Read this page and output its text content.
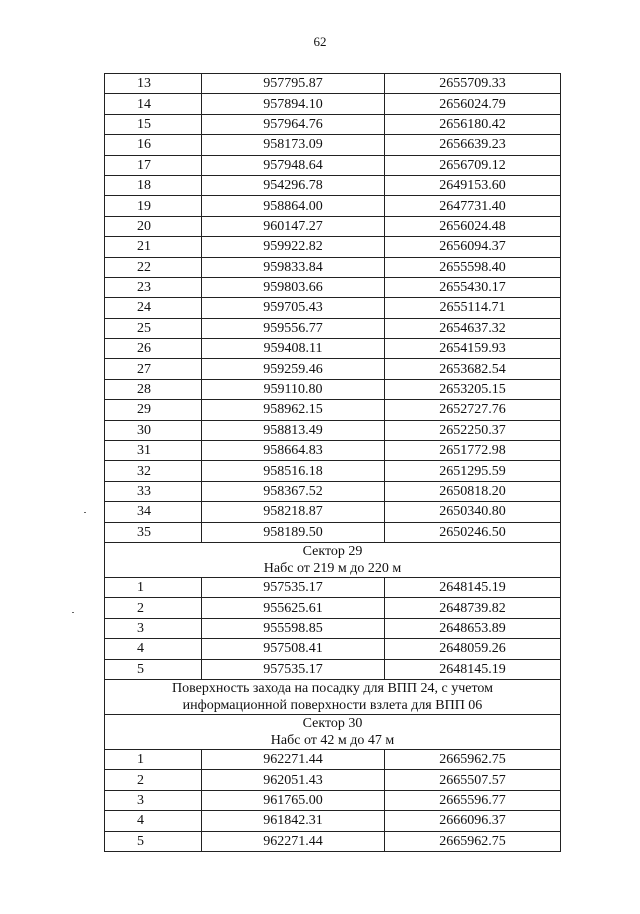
62
13	957795.87	2655709.33
14	957894.10	2656024.79
15	957964.76	2656180.42
16	958173.09	2656639.23
17	957948.64	2656709.12
18	954296.78	2649153.60
19	958864.00	2647731.40
20	960147.27	2656024.48
21	959922.82	2656094.37
22	959833.84	2655598.40
23	959803.66	2655430.17
24	959705.43	2655114.71
25	959556.77	2654637.32
26	959408.11	2654159.93
27	959259.46	2653682.54
28	959110.80	2653205.15
29	958962.15	2652727.76
30	958813.49	2652250.37
31	958664.83	2651772.98
32	958516.18	2651295.59
33	958367.52	2650818.20
34	958218.87	2650340.80
35	958189.50	2650246.50

Сектор 29
Набс от 219 м до 220 м		

1	957535.17	2648145.19
2	955625.61	2648739.82
3	955598.85	2648653.89
4	957508.41	2648059.26
5	957535.17	2648145.19

Поверхность захода на посадку для ВПП 24, с учетом
информационной поверхности взлета для ВПП 06		

Сектор 30
Набс от 42 м до 47 м		

1	962271.44	2665962.75
2	962051.43	2665507.57
3	961765.00	2665596.77
4	961842.31	2666096.37
5	962271.44	2665962.75
